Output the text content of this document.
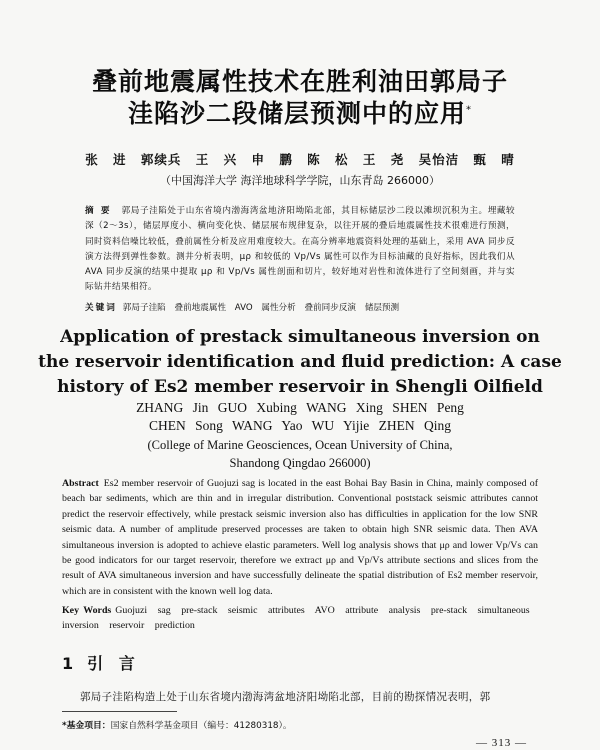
叠前地震属性技术在胜利油田郭局子
洼陷沙二段储层预测中的应用*
张 进 郭续兵 王 兴 申 鹏 陈 松 王 尧 吴怡洁 甄 晴
（中国海洋大学 海洋地球科学学院，山东青岛 266000）
摘 要 郭局子洼陷处于山东省境内渤海湾盆地济阳坳陷北部，其目标储层沙二段以滩坝沉积为主。埋藏较深（2～3s），储层厚度小、横向变化快、储层展布规律复杂，以往开展的叠后地震属性技术很难进行预测，同时资料信噪比较低，叠前属性分析及应用难度较大。在高分辨率地震资料处理的基础上，采用 AVA 同步反演方法得到弹性参数。测井分析表明，μρ 和较低的 Vp/Vs 属性可以作为目标油藏的良好指标，因此我们从 AVA 同步反演的结果中提取 μρ 和 Vp/Vs 属性剖面和切片，较好地对岩性和流体进行了空间刻画，并与实际钻井结果相符。
关键词 郭局子洼陷 叠前地震属性 AVO 属性分析 叠前同步反演 储层预测
Application of prestack simultaneous inversion on
the reservoir identification and fluid prediction: A case
history of Es2 member reservoir in Shengli Oilfield
ZHANG Jin GUO Xubing WANG Xing SHEN Peng
CHEN Song WANG Yao WU Yijie ZHEN Qing
(College of Marine Geosciences, Ocean University of China,
Shandong Qingdao 266000)
Abstract Es2 member reservoir of Guojuzi sag is located in the east Bohai Bay Basin in China, mainly composed of beach bar sediments, which are thin and in irregular distribution. Conventional poststack seismic attributes cannot predict the reservoir effectively, while prestack seismic inversion also has difficulties in application for the low SNR seismic data. A number of amplitude preserved processes are taken to obtain high SNR seismic data. Then AVA simultaneous inversion is adopted to achieve elastic parameters. Well log analysis shows that μρ and lower Vp/Vs can be good indicators for our target reservoir, therefore we extract μρ and Vp/Vs attribute sections and slices from the result of AVA simultaneous inversion and have successfully delineate the spatial distribution of Es2 member reservoir, which are in consistent with the known well log data.
Key Words Guojuzi sag pre-stack seismic attributes AVO attribute analysis pre-stack simultaneous inversion reservoir prediction
1 引 言
郭局子洼陷构造上处于山东省境内渤海湾盆地济阳坳陷北部，目前的勘探情况表明，郭
*基金项目：国家自然科学基金项目（编号：41280318）。
— 313 —
